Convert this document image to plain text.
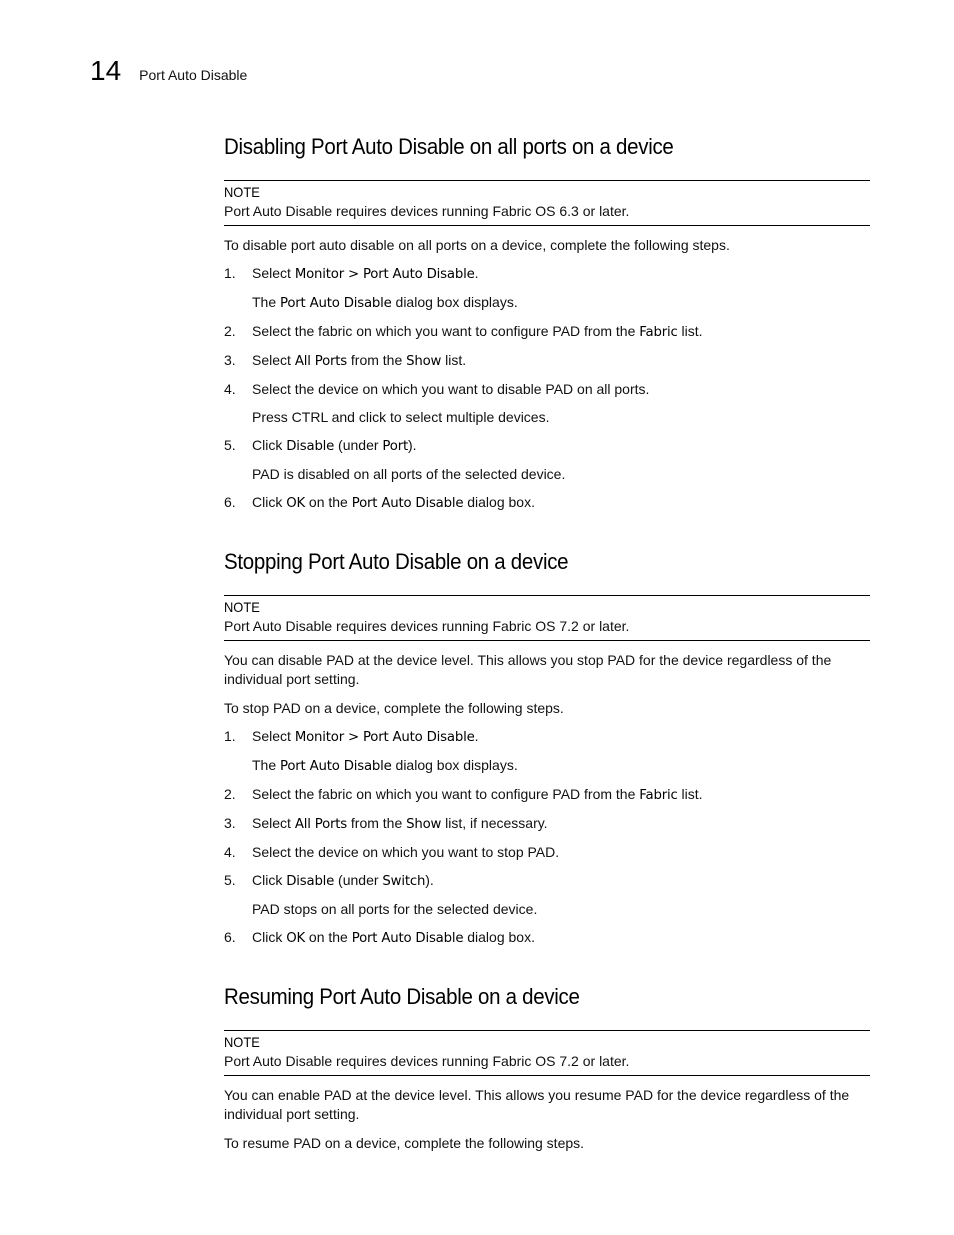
14 Port Auto Disable
Disabling Port Auto Disable on all ports on a device
NOTE
Port Auto Disable requires devices running Fabric OS 6.3 or later.

To disable port auto disable on all ports on a device, complete the following steps.

1. Select Monitor > Port Auto Disable.
The Port Auto Disable dialog box displays.
2. Select the fabric on which you want to configure PAD from the Fabric list.
3. Select All Ports from the Show list.
4. Select the device on which you want to disable PAD on all ports.
Press CTRL and click to select multiple devices.
5. Click Disable (under Port).
PAD is disabled on all ports of the selected device.
6. Click OK on the Port Auto Disable dialog box.
Stopping Port Auto Disable on a device
NOTE
Port Auto Disable requires devices running Fabric OS 7.2 or later.

You can disable PAD at the device level. This allows you stop PAD for the device regardless of the individual port setting.

To stop PAD on a device, complete the following steps.

1. Select Monitor > Port Auto Disable.
The Port Auto Disable dialog box displays.
2. Select the fabric on which you want to configure PAD from the Fabric list.
3. Select All Ports from the Show list, if necessary.
4. Select the device on which you want to stop PAD.
5. Click Disable (under Switch).
PAD stops on all ports for the selected device.
6. Click OK on the Port Auto Disable dialog box.
Resuming Port Auto Disable on a device
NOTE
Port Auto Disable requires devices running Fabric OS 7.2 or later.

You can enable PAD at the device level. This allows you resume PAD for the device regardless of the individual port setting.

To resume PAD on a device, complete the following steps.
